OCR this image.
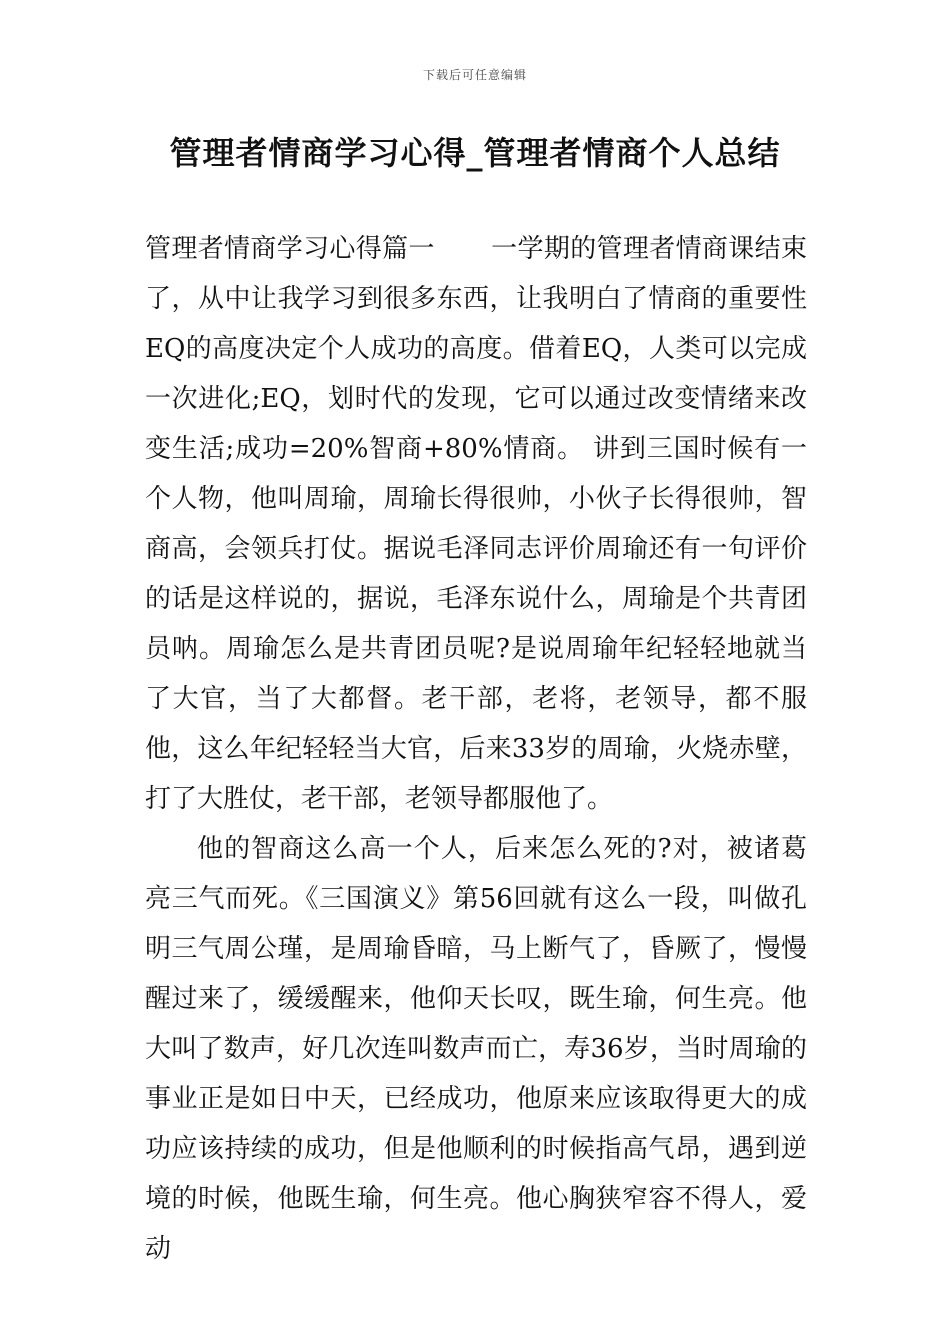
下载后可任意编辑
管理者情商学习心得_管理者情商个人总结

管理者情商学习心得篇一 一学期的管理者情商课结束了，从中让我学习到很多东西，让我明白了情商的重要性EQ的高度决定个人成功的高度。借着EQ，人类可以完成一次进化;EQ，划时代的发现，它可以通过改变情绪来改变生活;成功=20%智商+80%情商。 讲到三国时候有一个人物，他叫周瑜，周瑜长得很帅，小伙子长得很帅，智商高，会领兵打仗。据说毛泽同志评价周瑜还有一句评价的话是这样说的，据说，毛泽东说什么，周瑜是个共青团员呐。周瑜怎么是共青团员呢?是说周瑜年纪轻轻地就当了大官，当了大都督。老干部，老将，老领导，都不服他，这么年纪轻轻当大官，后来33岁的周瑜，火烧赤壁，打了大胜仗，老干部，老领导都服他了。

他的智商这么高一个人，后来怎么死的?对，被诸葛亮三气而死。《三国演义》第56回就有这么一段，叫做孔明三气周公瑾，是周瑜昏暗，马上断气了，昏厥了，慢慢醒过来了，缓缓醒来，他仰天长叹，既生瑜，何生亮。他大叫了数声，好几次连叫数声而亡，寿36岁，当时周瑜的事业正是如日中天，已经成功，他原来应该取得更大的成功应该持续的成功，但是他顺利的时候指高气昂，遇到逆境的时候，他既生瑜，何生亮。他心胸狭窄容不得人，爱动
